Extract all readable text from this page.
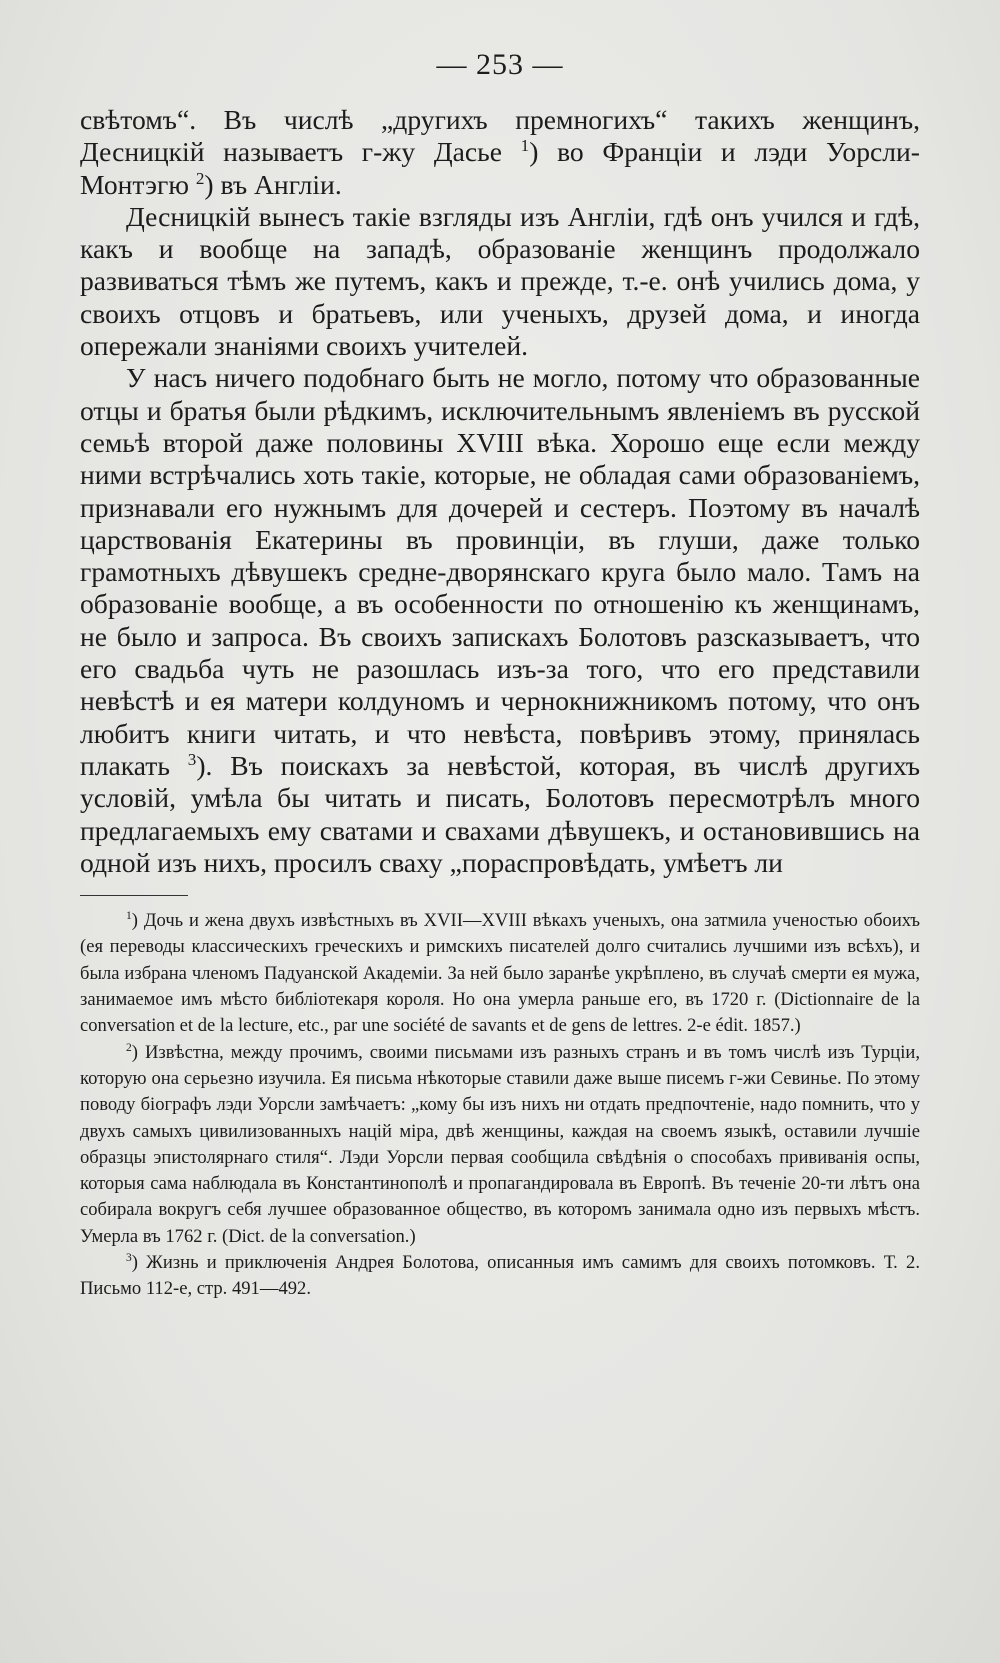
— 253 —

свѣтомъ“. Въ числѣ „другихъ премногихъ“ такихъ женщинъ, Десницкій называетъ г-жу Дасье $^1$) во Франціи и лэди Уорсли-Монтэгю $^2$) въ Англіи.

Десницкій вынесъ такіе взгляды изъ Англіи, гдѣ онъ учился и гдѣ, какъ и вообще на западѣ, образованіе женщинъ продолжало развиваться тѣмъ же путемъ, какъ и прежде, т.-е. онѣ учились дома, у своихъ отцовъ и братьевъ, или ученыхъ, друзей дома, и иногда опережали знаніями своихъ учителей.

У насъ ничего подобнаго быть не могло, потому что образованные отцы и братья были рѣдкимъ, исключительнымъ явленіемъ въ русской семьѣ второй даже половины XVIII вѣка. Хорошо еще если между ними встрѣчались хоть такіе, которые, не обладая сами образованіемъ, признавали его нужнымъ для дочерей и сестеръ. Поэтому въ началѣ царствованія Екатерины въ провинціи, въ глуши, даже только грамотныхъ дѣвушекъ средне-дворянскаго круга было мало. Тамъ на образованіе вообще, а въ особенности по отношенію къ женщинамъ, не было и запроса. Въ своихъ запискахъ Болотовъ разсказываетъ, что его свадьба чуть не разошлась изъ-за того, что его представили невѣстѣ и ея матери колдуномъ и чернокнижникомъ потому, что онъ любитъ книги читать, и что невѣста, повѣривъ этому, принялась плакать $^3$). Въ поискахъ за невѣстой, которая, въ числѣ другихъ условій, умѣла бы читать и писать, Болотовъ пересмотрѣлъ много предлагаемыхъ ему сватами и свахами дѣвушекъ, и остановившись на одной изъ нихъ, просилъ сваху „пораспровѣдать, умѣетъ ли

$^1$) Дочь и жена двухъ извѣстныхъ въ XVII—XVIII вѣкахъ ученыхъ, она затмила ученостью обоихъ (ея переводы классическихъ греческихъ и римскихъ писателей долго считались лучшими изъ всѣхъ), и была избрана членомъ Падуанской Академіи. За ней было заранѣе укрѣплено, въ случаѣ смерти ея мужа, занимаемое имъ мѣсто библіотекаря короля. Но она умерла раньше его, въ 1720 г. (Dictionnaire de la conversation et de la lecture, etc., par une société de savants et de gens de lettres. 2-e édit. 1857.)

$^2$) Извѣстна, между прочимъ, своими письмами изъ разныхъ странъ и въ томъ числѣ изъ Турціи, которую она серьезно изучила. Ея письма нѣкоторые ставили даже выше писемъ г-жи Севинье. По этому поводу біографъ лэди Уорсли замѣчаетъ: „кому бы изъ нихъ ни отдать предпочтеніе, надо помнить, что у двухъ самыхъ цивилизованныхъ націй міра, двѣ женщины, каждая на своемъ языкѣ, оставили лучшіе образцы эпистолярнаго стиля“. Лэди Уорсли первая сообщила свѣдѣнія о способахъ прививанія оспы, которыя сама наблюдала въ Константинополѣ и пропагандировала въ Европѣ. Въ теченіе 20-ти лѣтъ она собирала вокругъ себя лучшее образованное общество, въ которомъ занимала одно изъ первыхъ мѣстъ. Умерла въ 1762 г. (Dict. de la conversation.)

$^3$) Жизнь и приключенія Андрея Болотова, описанныя имъ самимъ для своихъ потомковъ. Т. 2. Письмо 112-е, стр. 491—492.
